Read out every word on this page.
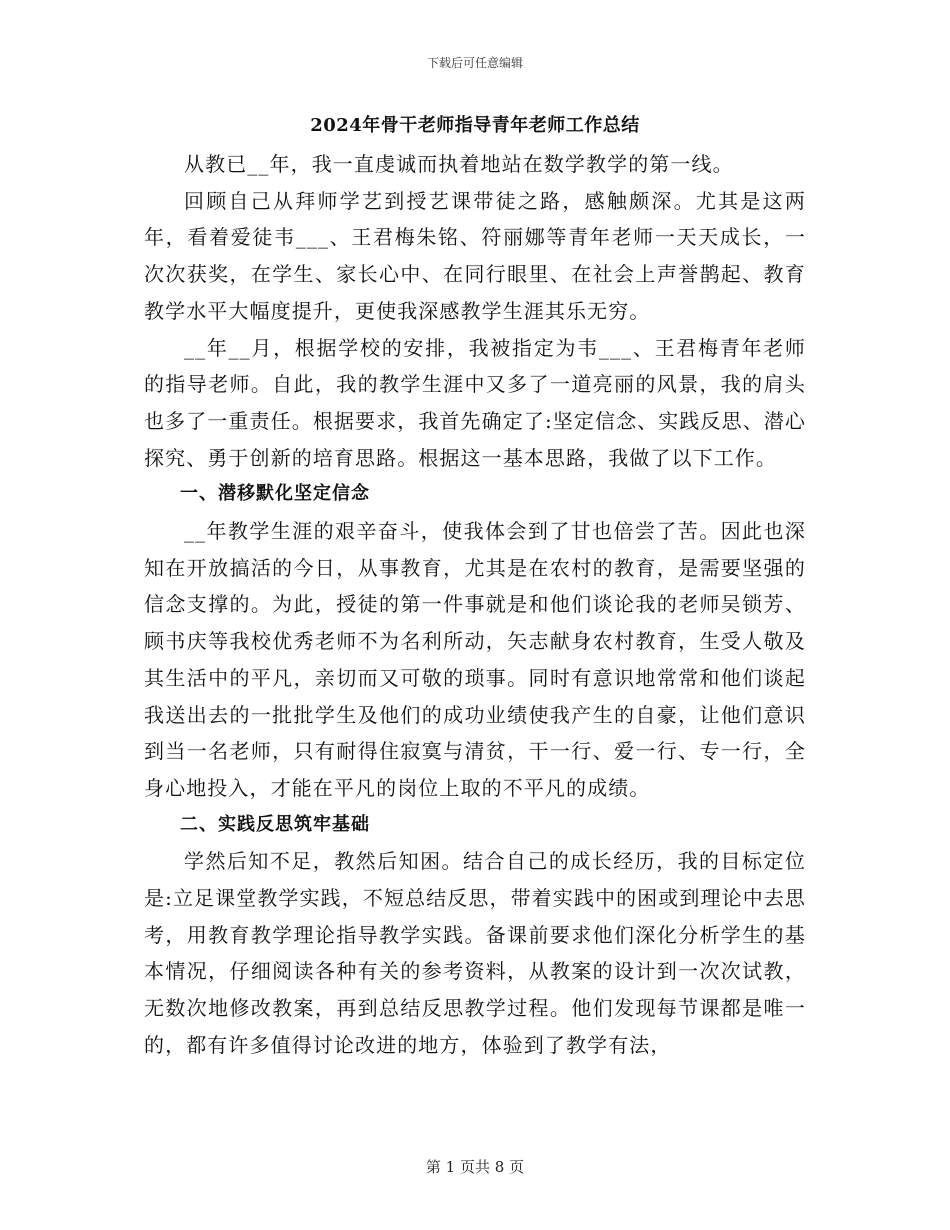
下载后可任意编辑
2024年骨干老师指导青年老师工作总结

从教已__年，我一直虔诚而执着地站在数学教学的第一线。

回顾自己从拜师学艺到授艺课带徒之路，感触颇深。尤其是这两年，看着爱徒韦___、王君梅朱铭、符丽娜等青年老师一天天成长，一次次获奖，在学生、家长心中、在同行眼里、在社会上声誉鹊起、教育教学水平大幅度提升，更使我深感教学生涯其乐无穷。

__年__月，根据学校的安排，我被指定为韦___、王君梅青年老师的指导老师。自此，我的教学生涯中又多了一道亮丽的风景，我的肩头也多了一重责任。根据要求，我首先确定了:坚定信念、实践反思、潜心探究、勇于创新的培育思路。根据这一基本思路，我做了以下工作。

一、潜移默化坚定信念

__年教学生涯的艰辛奋斗，使我体会到了甘也倍尝了苦。因此也深知在开放搞活的今日，从事教育，尤其是在农村的教育，是需要坚强的信念支撑的。为此，授徒的第一件事就是和他们谈论我的老师吴锁芳、顾书庆等我校优秀老师不为名利所动，矢志献身农村教育，生受人敬及其生活中的平凡，亲切而又可敬的琐事。同时有意识地常常和他们谈起我送出去的一批批学生及他们的成功业绩使我产生的自豪，让他们意识到当一名老师，只有耐得住寂寞与清贫，干一行、爱一行、专一行，全身心地投入，才能在平凡的岗位上取的不平凡的成绩。

二、实践反思筑牢基础

学然后知不足，教然后知困。结合自己的成长经历，我的目标定位是:立足课堂教学实践，不短总结反思，带着实践中的困或到理论中去思考，用教育教学理论指导教学实践。备课前要求他们深化分析学生的基本情况，仔细阅读各种有关的参考资料，从教案的设计到一次次试教，无数次地修改教案，再到总结反思教学过程。他们发现每节课都是唯一的，都有许多值得讨论改进的地方，体验到了教学有法，

第 1 页共 8 页
